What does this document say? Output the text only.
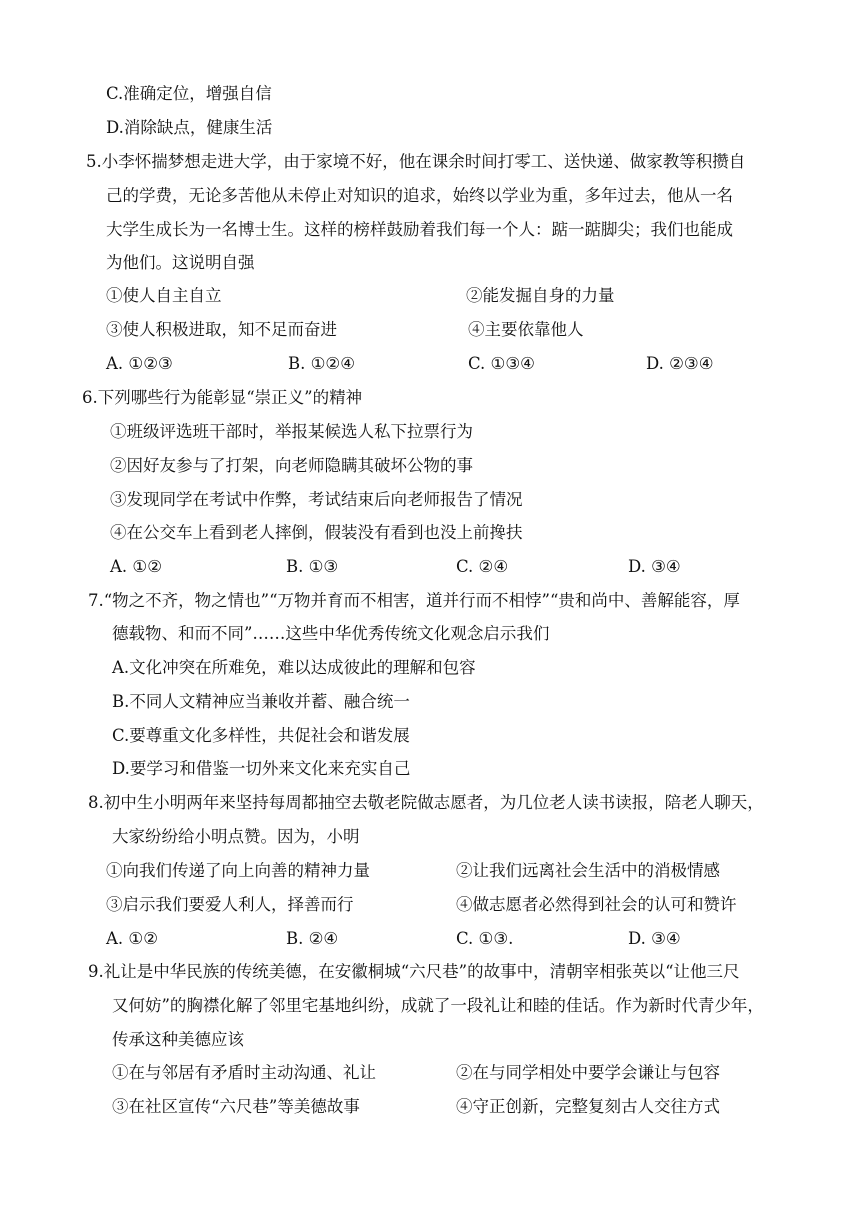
C.准确定位，增强自信
D.消除缺点，健康生活
5.小李怀揣梦想走进大学，由于家境不好，他在课余时间打零工、送快递、做家教等积攒自
己的学费，无论多苦他从未停止对知识的追求，始终以学业为重，多年过去，他从一名
大学生成长为一名博士生。这样的榜样鼓励着我们每一个人：踮一踮脚尖；我们也能成
为他们。这说明自强
①使人自主自立	②能发掘自身的力量
③使人积极进取，知不足而奋进	④主要依靠他人
A. ①②③	B. ①②④	C. ①③④	D. ②③④
6.下列哪些行为能彰显“崇正义”的精神
①班级评选班干部时，举报某候选人私下拉票行为
②因好友参与了打架，向老师隐瞒其破坏公物的事
③发现同学在考试中作弊，考试结束后向老师报告了情况
④在公交车上看到老人摔倒，假装没有看到也没上前搀扶
A. ①②	B. ①③	C. ②④	D. ③④
7.“物之不齐，物之情也”“万物并育而不相害，道并行而不相悖”“贵和尚中、善解能容，厚
德载物、和而不同”……这些中华优秀传统文化观念启示我们
A.文化冲突在所难免，难以达成彼此的理解和包容
B.不同人文精神应当兼收并蓄、融合统一
C.要尊重文化多样性，共促社会和谐发展
D.要学习和借鉴一切外来文化来充实自己
8.初中生小明两年来坚持每周都抽空去敬老院做志愿者，为几位老人读书读报，陪老人聊天，
大家纷纷给小明点赞。因为，小明
①向我们传递了向上向善的精神力量	②让我们远离社会生活中的消极情感
③启示我们要爱人利人，择善而行	④做志愿者必然得到社会的认可和赞许
A. ①②	B. ②④	C. ①③.	D. ③④
9.礼让是中华民族的传统美德，在安徽桐城“六尺巷”的故事中，清朝宰相张英以“让他三尺
又何妨”的胸襟化解了邻里宅基地纠纷，成就了一段礼让和睦的佳话。作为新时代青少年，
传承这种美德应该
①在与邻居有矛盾时主动沟通、礼让	②在与同学相处中要学会谦让与包容
③在社区宣传“六尺巷”等美德故事	④守正创新，完整复刻古人交往方式
